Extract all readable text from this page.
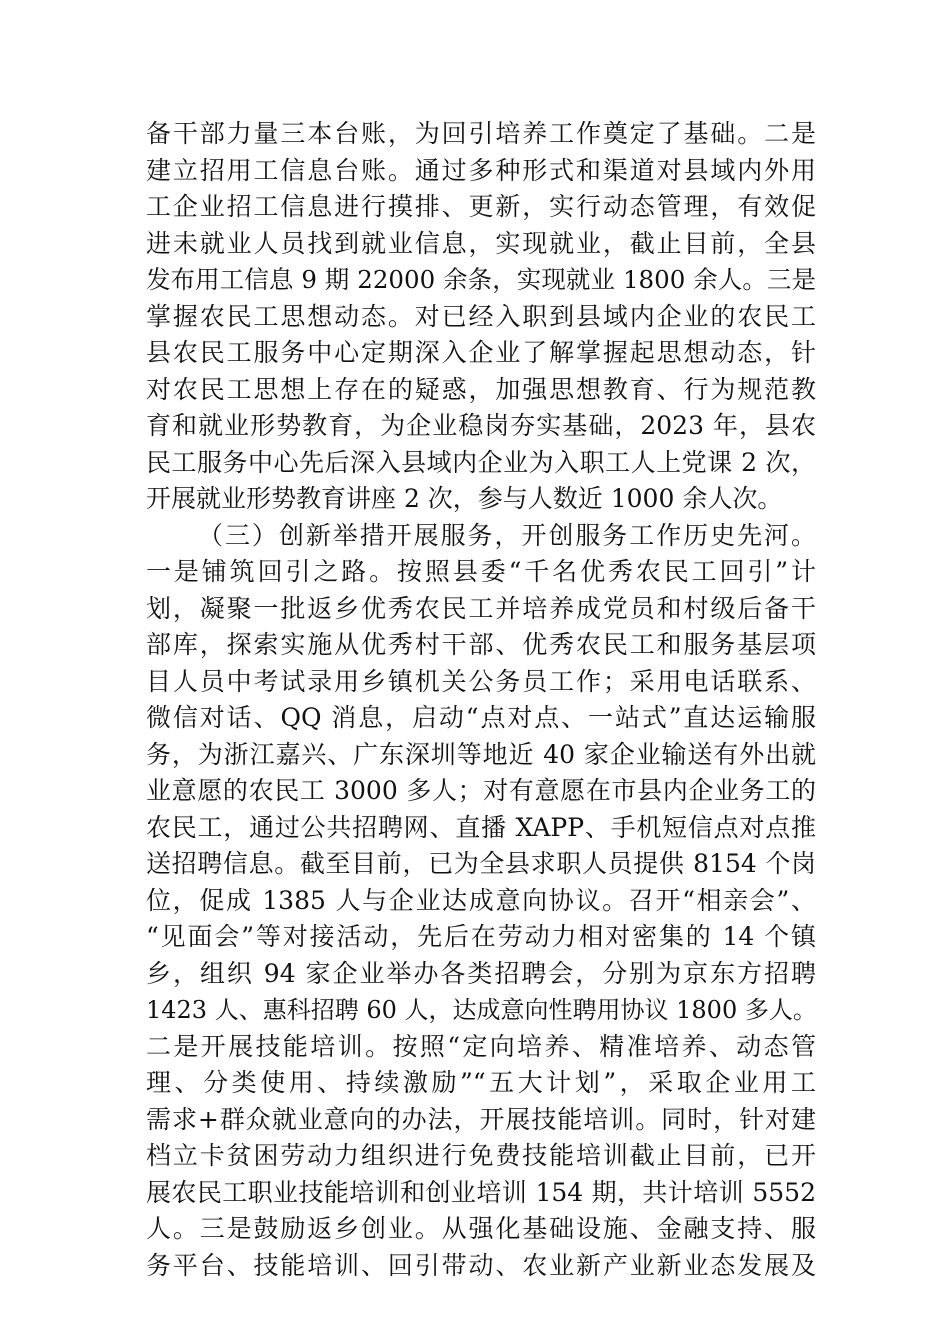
备干部力量三本台账，为回引培养工作奠定了基础。二是
建立招用工信息台账。通过多种形式和渠道对县域内外用
工企业招工信息进行摸排、更新，实行动态管理，有效促
进未就业人员找到就业信息，实现就业，截止目前，全县
发布用工信息 9 期 22000 余条，实现就业 1800 余人。三是
掌握农民工思想动态。对已经入职到县域内企业的农民工
县农民工服务中心定期深入企业了解掌握起思想动态，针
对农民工思想上存在的疑惑，加强思想教育、行为规范教
育和就业形势教育，为企业稳岗夯实基础，2023 年，县农
民工服务中心先后深入县域内企业为入职工人上党课 2 次，
开展就业形势教育讲座 2 次，参与人数近 1000 余人次。
（三）创新举措开展服务，开创服务工作历史先河。
一是铺筑回引之路。按照县委“千名优秀农民工回引”计
划，凝聚一批返乡优秀农民工并培养成党员和村级后备干
部库，探索实施从优秀村干部、优秀农民工和服务基层项
目人员中考试录用乡镇机关公务员工作；采用电话联系、
微信对话、QQ 消息，启动“点对点、一站式”直达运输服
务，为浙江嘉兴、广东深圳等地近 40 家企业输送有外出就
业意愿的农民工 3000 多人；对有意愿在市县内企业务工的
农民工，通过公共招聘网、直播 XAPP、手机短信点对点推
送招聘信息。截至目前，已为全县求职人员提供 8154 个岗
位，促成 1385 人与企业达成意向协议。召开“相亲会”、
“见面会”等对接活动，先后在劳动力相对密集的 14 个镇
乡，组织 94 家企业举办各类招聘会，分别为京东方招聘
1423 人、惠科招聘 60 人，达成意向性聘用协议 1800 多人。
二是开展技能培训。按照“定向培养、精准培养、动态管
理、分类使用、持续激励”“五大计划”，采取企业用工
需求+群众就业意向的办法，开展技能培训。同时，针对建
档立卡贫困劳动力组织进行免费技能培训截止目前，已开
展农民工职业技能培训和创业培训 154 期，共计培训 5552
人。三是鼓励返乡创业。从强化基础设施、金融支持、服
务平台、技能培训、回引带动、农业新产业新业态发展及
